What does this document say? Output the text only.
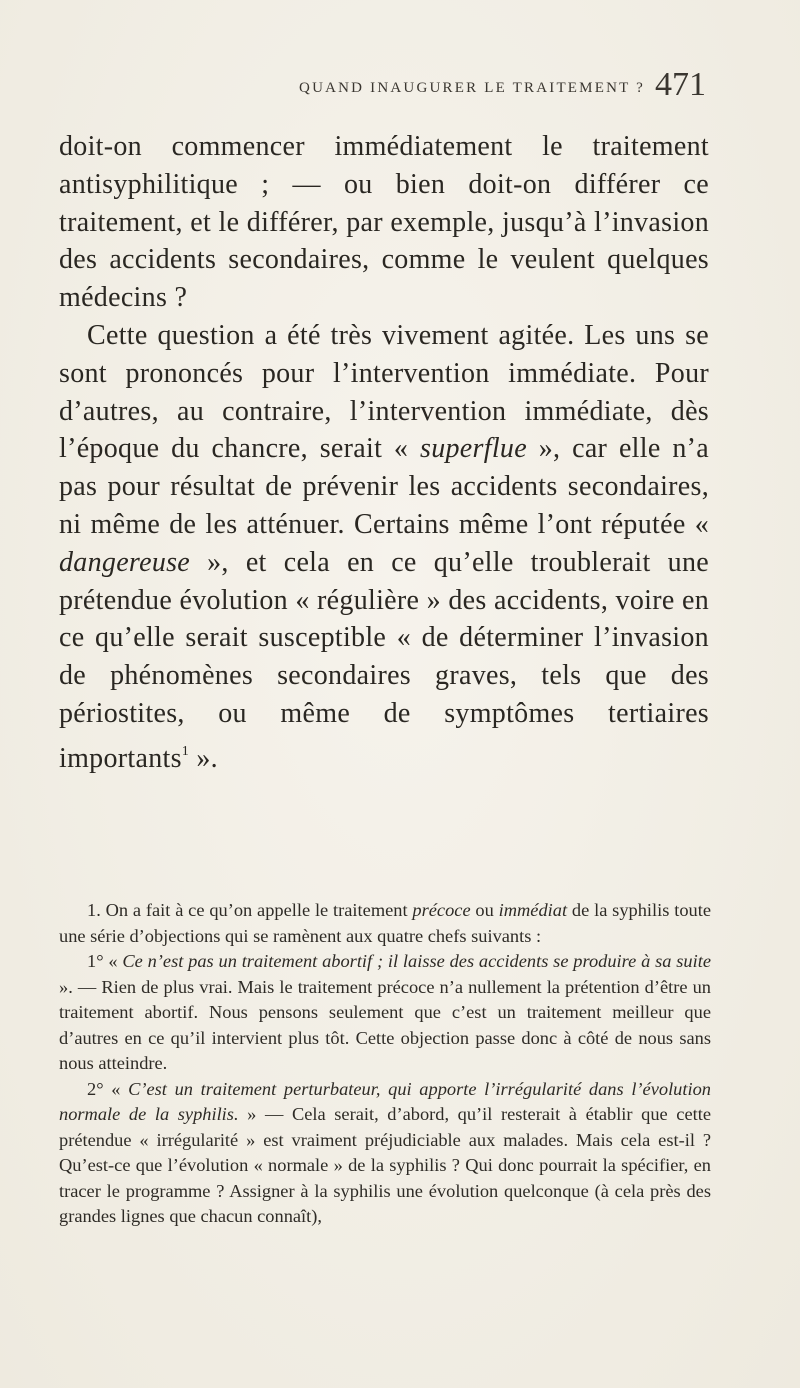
QUAND INAUGURER LE TRAITEMENT ? 471

doit-on commencer immédiatement le traitement antisyphilitique ; — ou bien doit-on différer ce traitement, et le différer, par exemple, jusqu’à l’invasion des accidents secondaires, comme le veulent quelques médecins ?

Cette question a été très vivement agitée. Les uns se sont prononcés pour l’intervention immédiate. Pour d’autres, au contraire, l’intervention immédiate, dès l’époque du chancre, serait « superflue », car elle n’a pas pour résultat de prévenir les accidents secondaires, ni même de les atténuer. Certains même l’ont réputée « dangereuse », et cela en ce qu’elle troublerait une prétendue évolution « régulière » des accidents, voire en ce qu’elle serait susceptible « de déterminer l’invasion de phénomènes secondaires graves, tels que des périostites, ou même de symptômes tertiaires importants$^1$ ».

1. On a fait à ce qu’on appelle le traitement précoce ou immédiat de la syphilis toute une série d’objections qui se ramènent aux quatre chefs suivants :

1° « Ce n’est pas un traitement abortif ; il laisse des accidents se produire à sa suite ». — Rien de plus vrai. Mais le traitement précoce n’a nullement la prétention d’être un traitement abortif. Nous pensons seulement que c’est un traitement meilleur que d’autres en ce qu’il intervient plus tôt. Cette objection passe donc à côté de nous sans nous atteindre.

2° « C’est un traitement perturbateur, qui apporte l’irrégularité dans l’évolution normale de la syphilis. » — Cela serait, d’abord, qu’il resterait à établir que cette prétendue « irrégularité » est vraiment préjudiciable aux malades. Mais cela est-il ? Qu’est-ce que l’évolution « normale » de la syphilis ? Qui donc pourrait la spécifier, en tracer le programme ? Assigner à la syphilis une évolution quelconque (à cela près des grandes lignes que chacun connaît),
